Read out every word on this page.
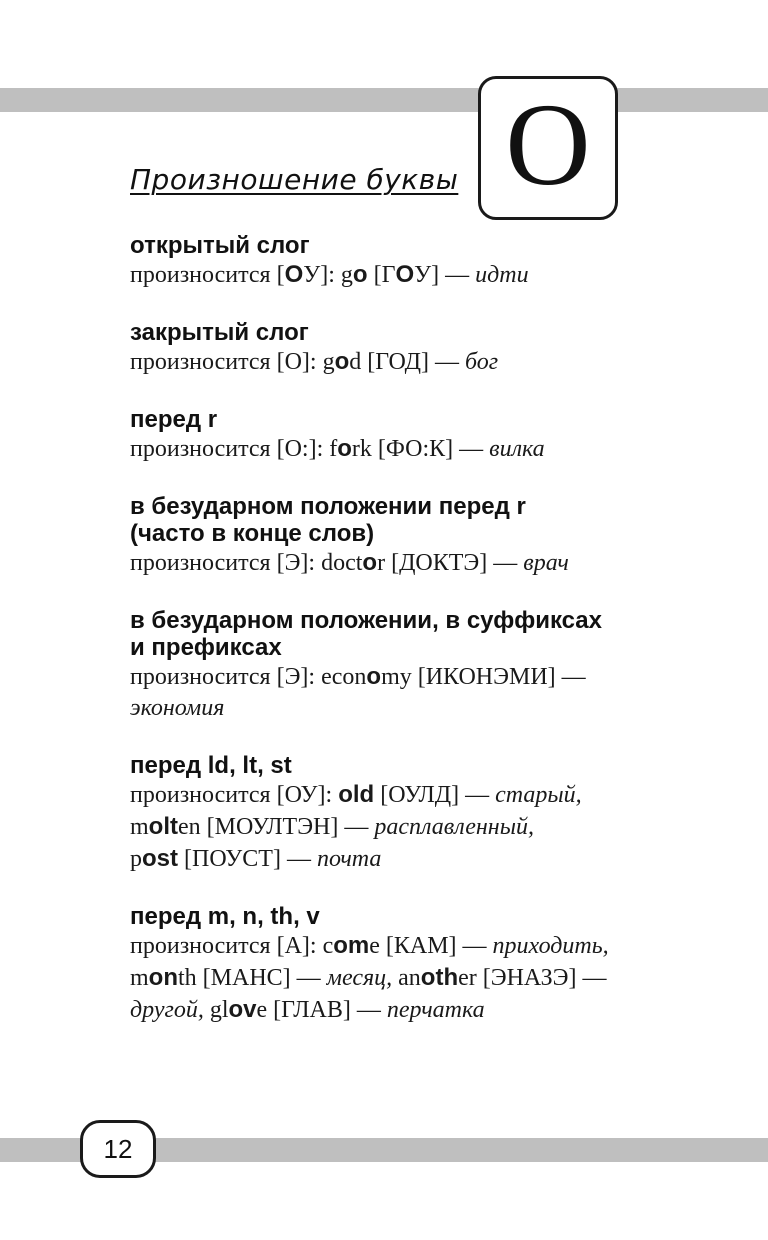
O
Произношение буквы
открытый слог
произносится [ОУ]: go [ГОУ] — идти
закрытый слог
произносится [О]: god [ГОД] — бог
перед r
произносится [О:]: fork [ФО:К] — вилка
в безударном положении перед r
(часто в конце слов)
произносится [Э]: doctor [ДОКТЭ] — врач
в безударном положении, в суффиксах
и префиксах
произносится [Э]: economy [ИКОНЭМИ] —
экономия
перед ld, lt, st
произносится [ОУ]: old [ОУЛД] — старый,
molten [МОУЛТЭН] — расплавленный,
post [ПОУСТ] — почта
перед m, n, th, v
произносится [А]: come [КАМ] — приходить,
month [МАНС] — месяц, another [ЭНАЗЭ] —
другой, glove [ГЛАВ] — перчатка
12
